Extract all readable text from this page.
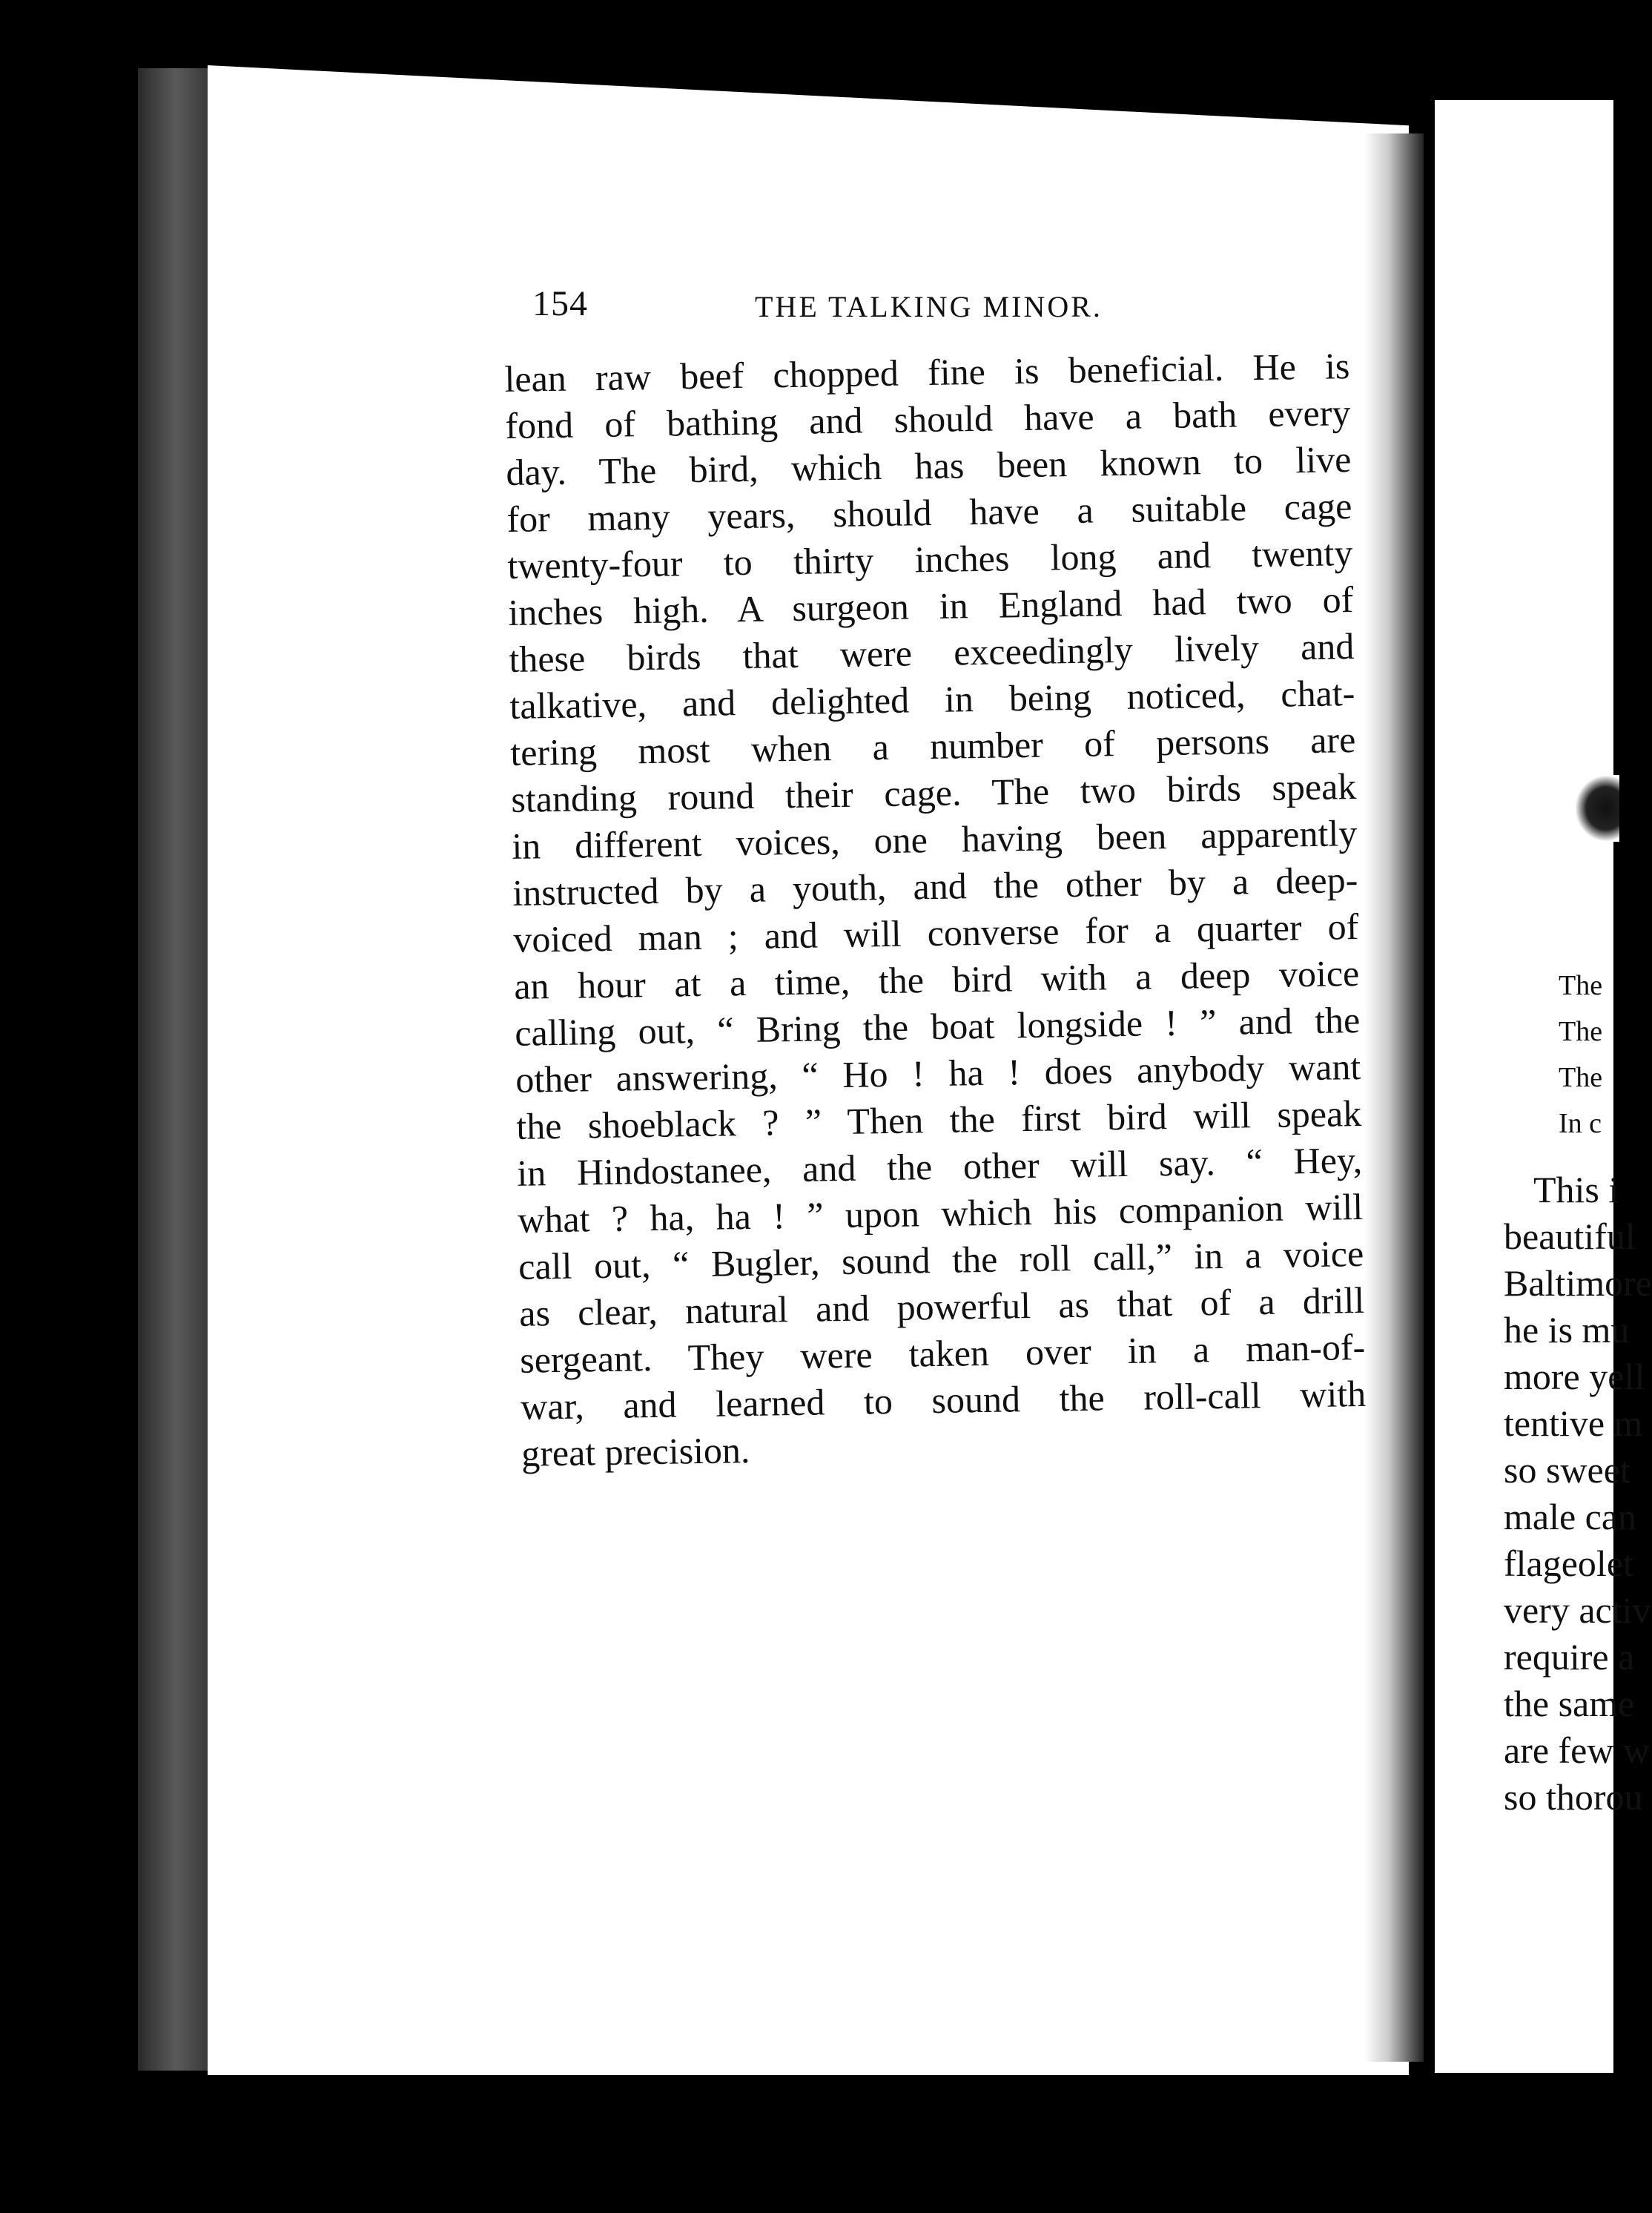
154	THE TALKING MINOR.
lean raw beef chopped fine is beneficial. He is
fond of bathing and should have a bath every
day. The bird, which has been known to live
for many years, should have a suitable cage
twenty-four to thirty inches long and twenty
inches high. A surgeon in England had two of
these birds that were exceedingly lively and
talkative, and delighted in being noticed, chat-
tering most when a number of persons are
standing round their cage. The two birds speak
in different voices, one having been apparently
instructed by a youth, and the other by a deep-
voiced man ; and will converse for a quarter of
an hour at a time, the bird with a deep voice
calling out, “ Bring the boat longside ! ” and the
other answering, “ Ho ! ha ! does anybody want
the shoeblack ? ” Then the first bird will speak
in Hindostanee, and the other will say. “ Hey,
what ? ha, ha ! ” upon which his companion will
call out, “ Bugler, sound the roll call,” in a voice
as clear, natural and powerful as that of a drill
sergeant. They were taken over in a man-of-
war, and learned to sound the roll-call with
great precision.
The
The
The
In c
This i
beautiful
Baltimore
he is mu
more yell
tentive m
so sweet
male can
flageolet
very activ
require a
the same
are few w
so thorou
